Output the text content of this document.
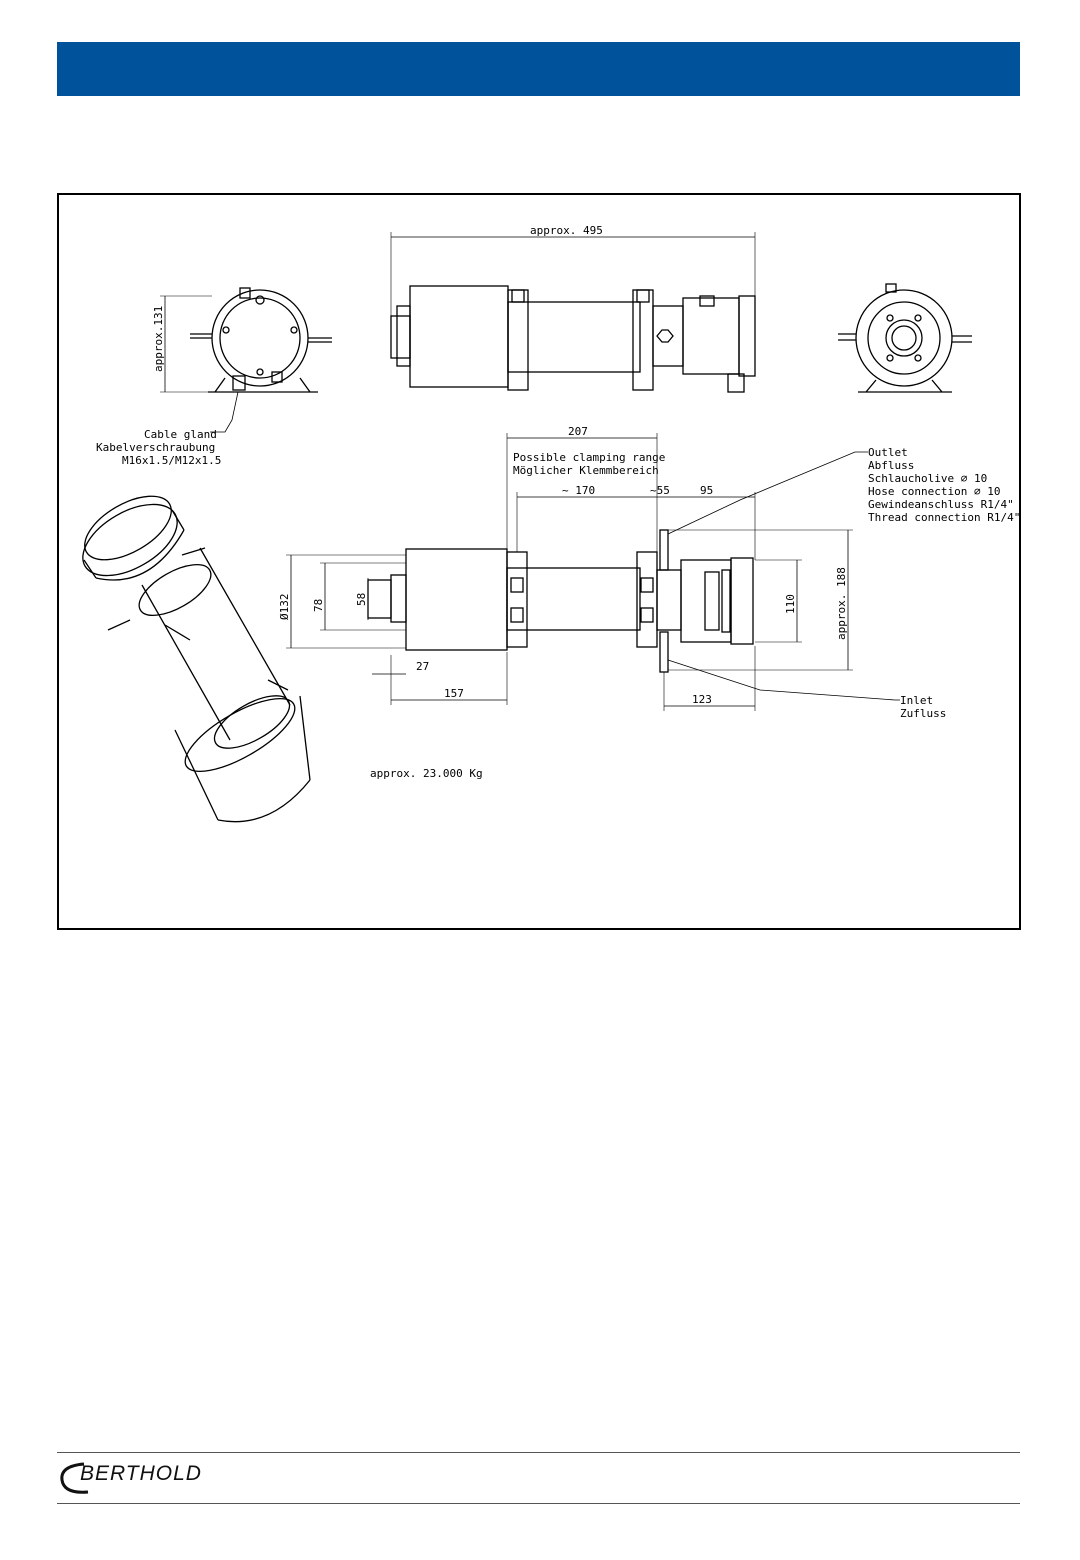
approx. 495
approx.131
Cable gland
Kabelverschraubung
M16x1.5/M12x1.5
207
Possible clamping range
Möglicher Klemmbereich
~ 170	~55	95
Outlet
Abfluss
Schlaucholive ⌀ 10
Hose connection ⌀ 10
Gewindeanschluss R1/4"
Thread connection R1/4"
Ø132 78	58
27
157
110	approx. 188
123	Inlet
Zufluss
approx. 23.000 Kg
BERTHOLD
